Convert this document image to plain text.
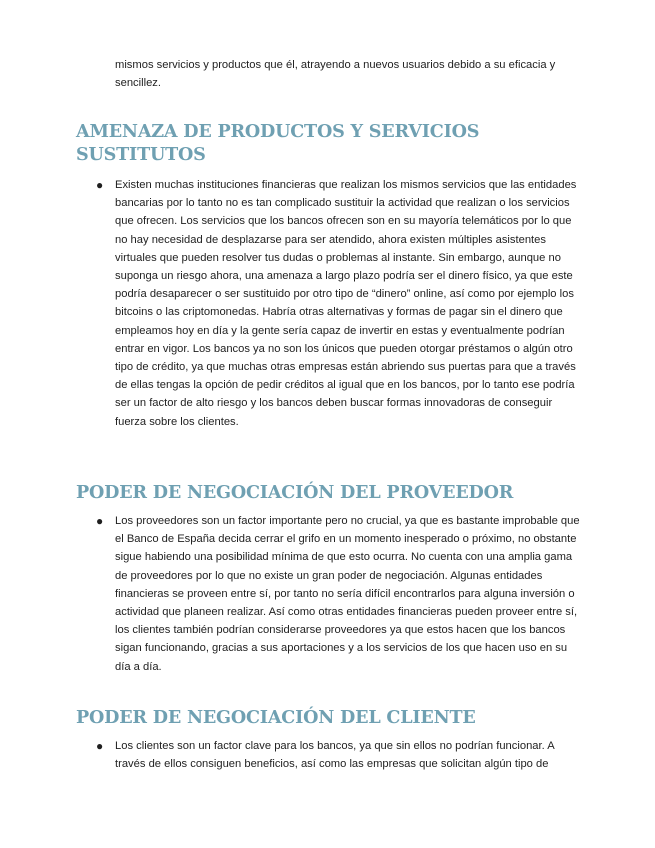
mismos servicios y productos que él, atrayendo a nuevos usuarios debido a su eficacia y sencillez.

AMENAZA DE PRODUCTOS Y SERVICIOS SUSTITUTOS
● Existen muchas instituciones financieras que realizan los mismos servicios que las entidades bancarias por lo tanto no es tan complicado sustituir la actividad que realizan o los servicios que ofrecen. Los servicios que los bancos ofrecen son en su mayoría telemáticos por lo que no hay necesidad de desplazarse para ser atendido, ahora existen múltiples asistentes virtuales que pueden resolver tus dudas o problemas al instante. Sin embargo, aunque no suponga un riesgo ahora, una amenaza a largo plazo podría ser el dinero físico, ya que este podría desaparecer o ser sustituido por otro tipo de “dinero” online, así como por ejemplo los bitcoins o las criptomonedas. Habría otras alternativas y formas de pagar sin el dinero que empleamos hoy en día y la gente sería capaz de invertir en estas y eventualmente podrían entrar en vigor. Los bancos ya no son los únicos que pueden otorgar préstamos o algún otro tipo de crédito, ya que muchas otras empresas están abriendo sus puertas para que a través de ellas tengas la opción de pedir créditos al igual que en los bancos, por lo tanto ese podría ser un factor de alto riesgo y los bancos deben buscar formas innovadoras de conseguir fuerza sobre los clientes.
PODER DE NEGOCIACIÓN DEL PROVEEDOR
● Los proveedores son un factor importante pero no crucial, ya que es bastante improbable que el Banco de España decida cerrar el grifo en un momento inesperado o próximo, no obstante sigue habiendo una posibilidad mínima de que esto ocurra. No cuenta con una amplia gama de proveedores por lo que no existe un gran poder de negociación. Algunas entidades financieras se proveen entre sí, por tanto no sería difícil encontrarlos para alguna inversión o actividad que planeen realizar. Así como otras entidades financieras pueden proveer entre sí, los clientes también podrían considerarse proveedores ya que estos hacen que los bancos sigan funcionando, gracias a sus aportaciones y a los servicios de los que hacen uso en su día a día.
PODER DE NEGOCIACIÓN DEL CLIENTE
● Los clientes son un factor clave para los bancos, ya que sin ellos no podrían funcionar. A través de ellos consiguen beneficios, así como las empresas que solicitan algún tipo de
